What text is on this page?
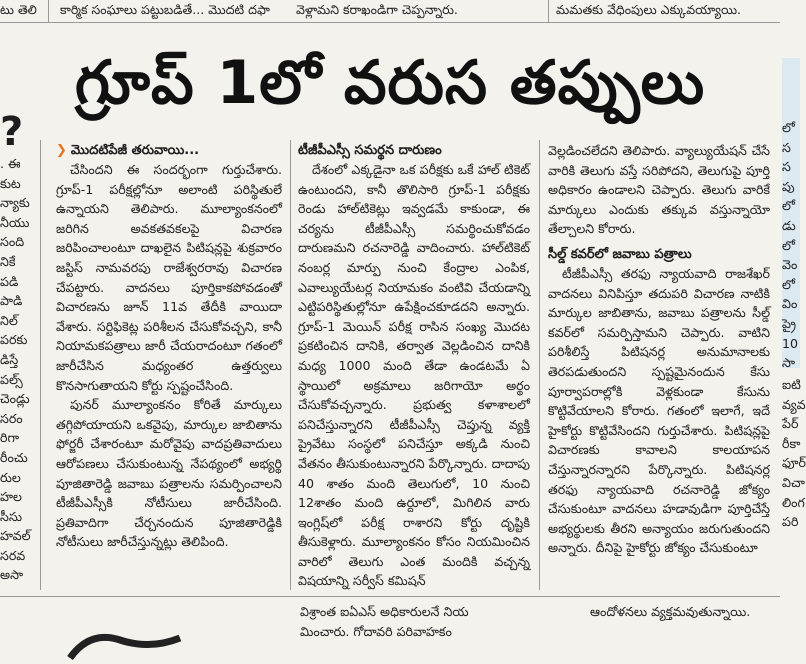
టు తెలి కార్మిక సంఘాలు పట్టుబడితే... మొదటి దఫా	వెళ్లామని కరాఖండిగా చెప్పన్నారు.	మమతకు వేధింపులు ఎక్కువయ్యాయి.
గ్రూప్ 1లో వరుస తప్పులు
?
. ఈ
కుట
న్యాకు
నీయు
సంది
నికే
పడి
పాడి
నిల్
పరకు
డిస్తే
పల్స్
చెండ్లు
సరం
రిగా
రీంచు
రుల
హల
సీసు
హవల్
సరవ
అసా
❯ మొదటిపేజీ తరువాయి...

చేసిందని ఈ సందర్భంగా గుర్తుచేశారు. గ్రూప్-1 పరీక్షల్లోనూ అలాంటి పరిస్థితులే ఉన్నాయని తెలిపారు. మూల్యాంకనంలో జరిగిన అవకతవకలపై విచారణ జరిపించాలంటూ దాఖలైన పిటిషన్లపై శుక్రవారం జస్టిస్ నామవరపు రాజేశ్వరరావు విచారణ చేపట్టారు. వాదనలు పూర్తికాకపోవడంతో విచారణను జూన్ 11వ తేదీకి వాయిదా వేశారు. సర్టిఫికెట్ల పరిశీలన చేసుకోవచ్చని, కానీ నియామకపత్రాలు జారీ చేయరాదంటూ గతంలో జారీచేసిన మధ్యంతర ఉత్తర్వులు కొనసాగుతాయని కోర్టు స్పష్టంచేసింది.

పునర్ మూల్యాంకనం కోరితే మార్కులు తగ్గిపోయాయని ఒకవైపు, మార్కుల జాబితాను ఫోర్జరీ చేశారంటూ మరోవైపు వాదప్రతివాదులు ఆరోపణలు చేసుకుంటున్న నేపథ్యంలో అభ్యర్థి పూజితారెడ్డి జవాబు పత్రాలను సమర్పించాలని టీజీపీఎస్సీకి నోటీసులు జారీచేసింది. ప్రతివాదిగా చేర్చనందున పూజితారెడ్డికి నోటీసులు జారీచేస్తున్నట్లు తెలిపింది.

టీజీపీఎస్సీ సమర్థన దారుణం

దేశంలో ఎక్కడైనా ఒక పరీక్షకు ఒకే హాల్ టికెట్ ఉంటుందని, కానీ తొలిసారి గ్రూప్-1 పరీక్షకు రెండు హాల్‌టికెట్లు ఇవ్వడమే కాకుండా, ఈ చర్యను టీజీపీఎస్సీ సమర్థించుకోవడం దారుణమని రచనారెడ్డి వాదించారు. హాల్‌టికెట్ నంబర్ల మార్పు నుంచి కేంద్రాల ఎంపిక, ఎవాల్యుయేటర్ల నియామకం వంటివి చేయడాన్ని ఎట్టిపరిస్థితుల్లోనూ ఉపేక్షించకూడదని అన్నారు. గ్రూప్-1 మెయిన్ పరీక్ష రాసిన సంఖ్య మొదట ప్రకటించిన దానికి, తర్వాత వెల్లడించిన దానికి మధ్య 1000 మంది తేడా ఉండటమే ఏ స్థాయిలో అక్రమాలు జరిగాయో అర్థం చేసుకోవచ్చన్నారు. ప్రభుత్వ కళాశాలలో పనిచేస్తున్నారని టీజీపీఎస్సీ చెప్తున్న వ్యక్తి ప్రైవేటు సంస్థలో పనిచేస్తూ అక్కడి నుంచి వేతనం తీసుకుంటున్నారని పేర్కొన్నారు. దాదాపు 40 శాతం మంది తెలుగులో, 10 నుంచి 12శాతం మంది ఉర్దూలో, మిగిలిన వారు ఇంగ్లిష్‌లో పరీక్ష రాశారని కోర్టు దృష్టికి తీసుకెళ్లారు. మూల్యాంకనం కోసం నియమించిన వారిలో తెలుగు ఎంత మందికి వచ్చన్న విషయాన్ని సర్వీస్ కమిషన్

వెల్లడించలేదని తెలిపారు. వ్యాల్యుయేషన్ చేసే వారికి తెలుగు వస్తే సరిపోదని, తెలుగుపై పూర్తి అధికారం ఉండాలని చెప్పారు. తెలుగు వారికే మార్కులు ఎందుకు తక్కువ వస్తున్నాయో తేల్చాలని కోరారు.

సీల్డ్ కవర్‌లో జవాబు పత్రాలు

టీజీపీఎస్సీ తరఫు న్యాయవాది రాజశేఖర్ వాదనలు వినిపిస్తూ తదుపరి విచారణ నాటికి మార్కుల జాబితాను, జవాబు పత్రాలను సీల్డ్ కవర్‌లో సమర్పిస్తామని చెప్పారు. వాటిని పరిశీలిస్తే పిటిషనర్ల అనుమానాలకు తెరపడుతుందని స్పష్టమైనందున కేసు పూర్వాపరాల్లోకి వెళ్లకుండా కేసును కొట్టివేయాలని కోరారు. గతంలో ఇలాగే, ఇదే హైకోర్టు కొట్టివేసిందని గుర్తుచేశారు. పిటిషన్లపై విచారణకు కావాలని కాలయాపన చేస్తున్నారన్నారని పేర్కొన్నారు. పిటిషనర్ల తరఫు న్యాయవాది రచనారెడ్డి జోక్యం చేసుకుంటూ వాదనలు హడావుడిగా పూర్తిచేస్తే అభ్యర్థులకు తీరని అన్యాయం జరుగుతుందని అన్నారు. దీనిపై హైకోర్టు జోక్యం చేసుకుంటూ

లో
స
స
పు
లో
డు
లో
వెం
లో
విం
ప్రై
10
సా
ఐటి
వ్యవ
పేర్
రీకా
ఫూర్
విచా
లింగ
పరి
విశ్రాంత ఐఏఎస్ అధికారులనే నియ
మించారు. గోదావరి పరివాహకం
ఆందోళనలు వ్యక్తమవుతున్నాయి.
